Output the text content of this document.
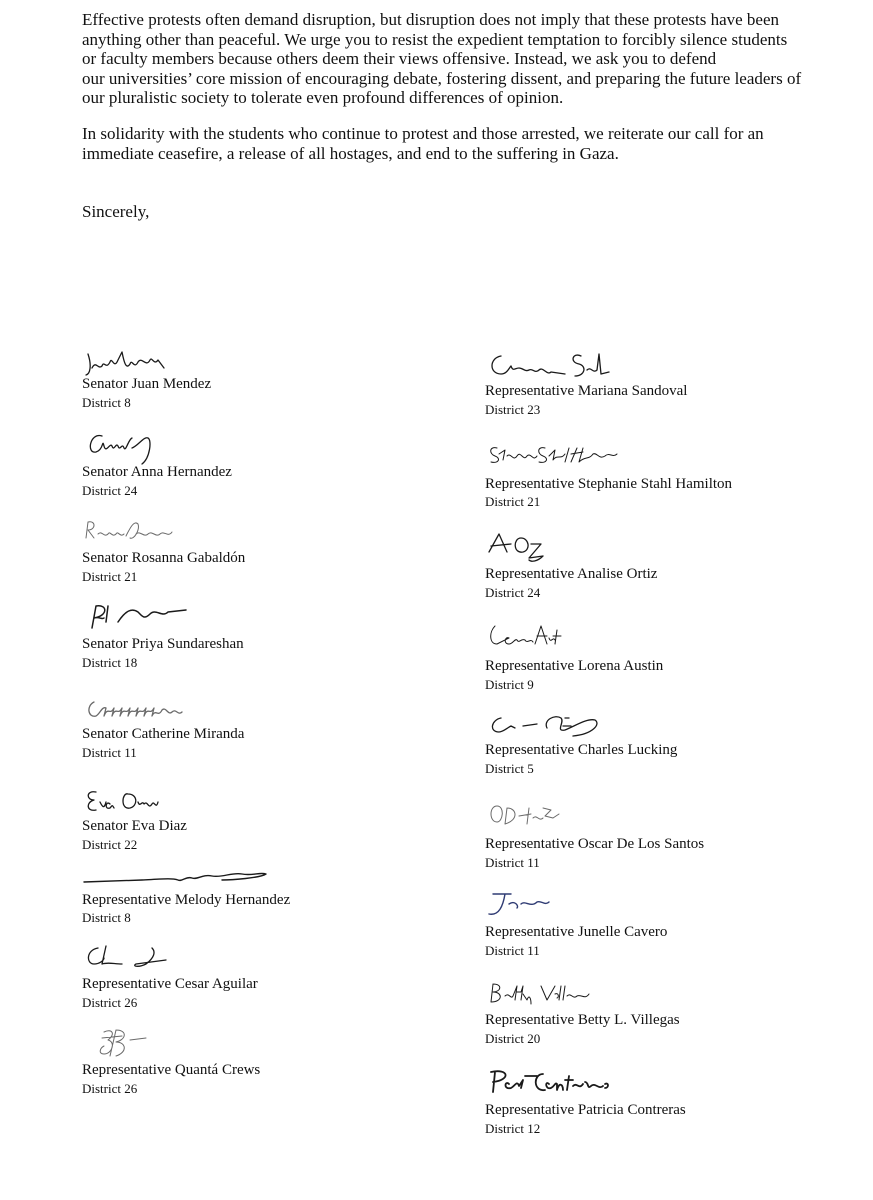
Effective protests often demand disruption, but disruption does not imply that these protests have been
anything other than peaceful. We urge you to resist the expedient temptation to forcibly silence students
or faculty members because others deem their views offensive. Instead, we ask you to defend
our universities’ core mission of encouraging debate, fostering dissent, and preparing the future leaders of
our pluralistic society to tolerate even profound differences of opinion.
In solidarity with the students who continue to protest and those arrested, we reiterate our call for an
immediate ceasefire, a release of all hostages, and end to the suffering in Gaza.

Sincerely,

Senator Juan Mendez
District 8
Senator Anna Hernandez
District 24
Senator Rosanna Gabaldón
District 21
Senator Priya Sundareshan
District 18
Senator Catherine Miranda
District 11
Senator Eva Diaz
District 22
Representative Melody Hernandez
District 8
Representative Cesar Aguilar
District 26
Representative Quantá Crews
District 26
Representative Mariana Sandoval
District 23
Representative Stephanie Stahl Hamilton
District 21
Representative Analise Ortiz
District 24
Representative Lorena Austin
District 9
Representative Charles Lucking
District 5
Representative Oscar De Los Santos
District 11
Representative Junelle Cavero
District 11
Representative Betty L. Villegas
District 20
Representative Patricia Contreras
District 12
